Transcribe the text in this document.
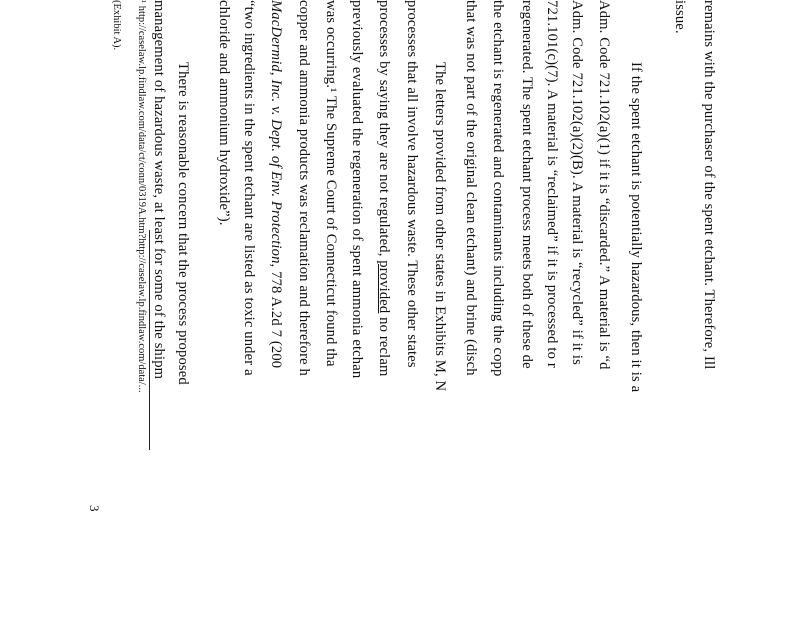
remains with the purchaser of the spent etchant. Therefore, Ill
issue.
If the spent etchant is potentially hazardous, then it is a
Adm. Code 721.102(a)(1) if it is “discarded.” A material is “d
Adm. Code 721.102(a)(2)(B). A material is “recycled” if it is
721.101(c)(7). A material is “reclaimed” if it is processed to r
regenerated. The spent etchant process meets both of these de
the etchant is regenerated and contaminants including the copp
that was not part of the original clean etchant) and brine (disch
The letters provided from other states in Exhibits M, N
processes that all involve hazardous waste. These other states
processes by saying they are not regulated, provided no reclam
previously evaluated the regeneration of spent ammonia etchan
was occurring.¹ The Supreme Court of Connecticut found tha
copper and ammonia products was reclamation and therefore h
MacDermid, Inc. v. Dept. of Env. Protection, 778 A.2d 7 (200
“two ingredients in the spent etchant are listed as toxic under a
chloride and ammonium hydroxide”).
There is reasonable concern that the process proposed
management of hazardous waste, at least for some of the shipm
¹ http://caselaw.lp.findlaw.com/data/ct/conn/0319A.htm?http://caselaw.lp.findlaw.com/data/...
(Exhibit A).
3
